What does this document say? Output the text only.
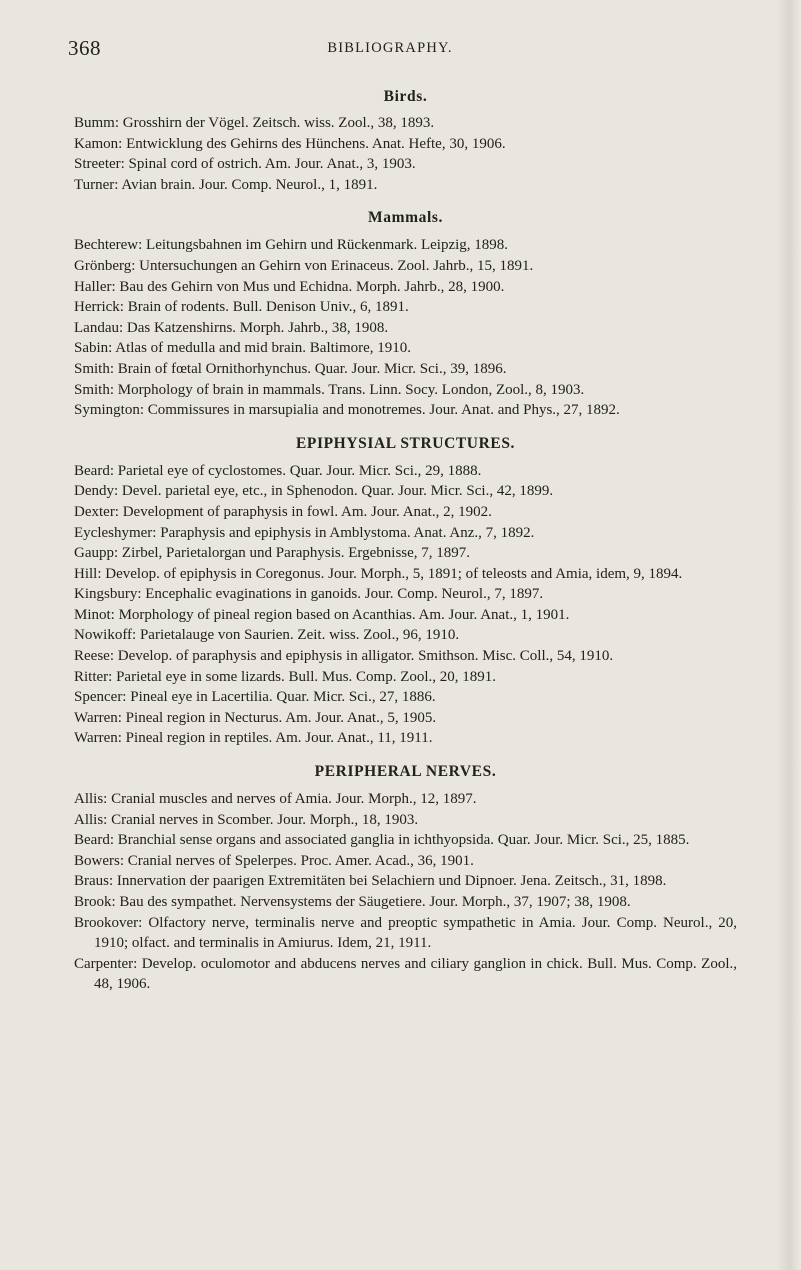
368	BIBLIOGRAPHY.
Birds.
Bumm: Grosshirn der Vögel. Zeitsch. wiss. Zool., 38, 1893.
Kamon: Entwicklung des Gehirns des Hünchens. Anat. Hefte, 30, 1906.
Streeter: Spinal cord of ostrich. Am. Jour. Anat., 3, 1903.
Turner: Avian brain. Jour. Comp. Neurol., 1, 1891.
Mammals.
Bechterew: Leitungsbahnen im Gehirn und Rückenmark. Leipzig, 1898.
Grönberg: Untersuchungen an Gehirn von Erinaceus. Zool. Jahrb., 15, 1891.
Haller: Bau des Gehirn von Mus und Echidna. Morph. Jahrb., 28, 1900.
Herrick: Brain of rodents. Bull. Denison Univ., 6, 1891.
Landau: Das Katzenshirns. Morph. Jahrb., 38, 1908.
Sabin: Atlas of medulla and mid brain. Baltimore, 1910.
Smith: Brain of fœtal Ornithorhynchus. Quar. Jour. Micr. Sci., 39, 1896.
Smith: Morphology of brain in mammals. Trans. Linn. Socy. London, Zool., 8, 1903.
Symington: Commissures in marsupialia and monotremes. Jour. Anat. and Phys., 27, 1892.
EPIPHYSIAL STRUCTURES.
Beard: Parietal eye of cyclostomes. Quar. Jour. Micr. Sci., 29, 1888.
Dendy: Devel. parietal eye, etc., in Sphenodon. Quar. Jour. Micr. Sci., 42, 1899.
Dexter: Development of paraphysis in fowl. Am. Jour. Anat., 2, 1902.
Eycleshymer: Paraphysis and epiphysis in Amblystoma. Anat. Anz., 7, 1892.
Gaupp: Zirbel, Parietalorgan und Paraphysis. Ergebnisse, 7, 1897.
Hill: Develop. of epiphysis in Coregonus. Jour. Morph., 5, 1891; of teleosts and Amia, idem, 9, 1894.
Kingsbury: Encephalic evaginations in ganoids. Jour. Comp. Neurol., 7, 1897.
Minot: Morphology of pineal region based on Acanthias. Am. Jour. Anat., 1, 1901.
Nowikoff: Parietalauge von Saurien. Zeit. wiss. Zool., 96, 1910.
Reese: Develop. of paraphysis and epiphysis in alligator. Smithson. Misc. Coll., 54, 1910.
Ritter: Parietal eye in some lizards. Bull. Mus. Comp. Zool., 20, 1891.
Spencer: Pineal eye in Lacertilia. Quar. Micr. Sci., 27, 1886.
Warren: Pineal region in Necturus. Am. Jour. Anat., 5, 1905.
Warren: Pineal region in reptiles. Am. Jour. Anat., 11, 1911.
PERIPHERAL NERVES.
Allis: Cranial muscles and nerves of Amia. Jour. Morph., 12, 1897.
Allis: Cranial nerves in Scomber. Jour. Morph., 18, 1903.
Beard: Branchial sense organs and associated ganglia in ichthyopsida. Quar. Jour. Micr. Sci., 25, 1885.
Bowers: Cranial nerves of Spelerpes. Proc. Amer. Acad., 36, 1901.
Braus: Innervation der paarigen Extremitäten bei Selachiern und Dipnoer. Jena. Zeitsch., 31, 1898.
Brook: Bau des sympathet. Nervensystems der Säugetiere. Jour. Morph., 37, 1907; 38, 1908.
Brookover: Olfactory nerve, terminalis nerve and preoptic sympathetic in Amia. Jour. Comp. Neurol., 20, 1910; olfact. and terminalis in Amiurus. Idem, 21, 1911.
Carpenter: Develop. oculomotor and abducens nerves and ciliary ganglion in chick. Bull. Mus. Comp. Zool., 48, 1906.
